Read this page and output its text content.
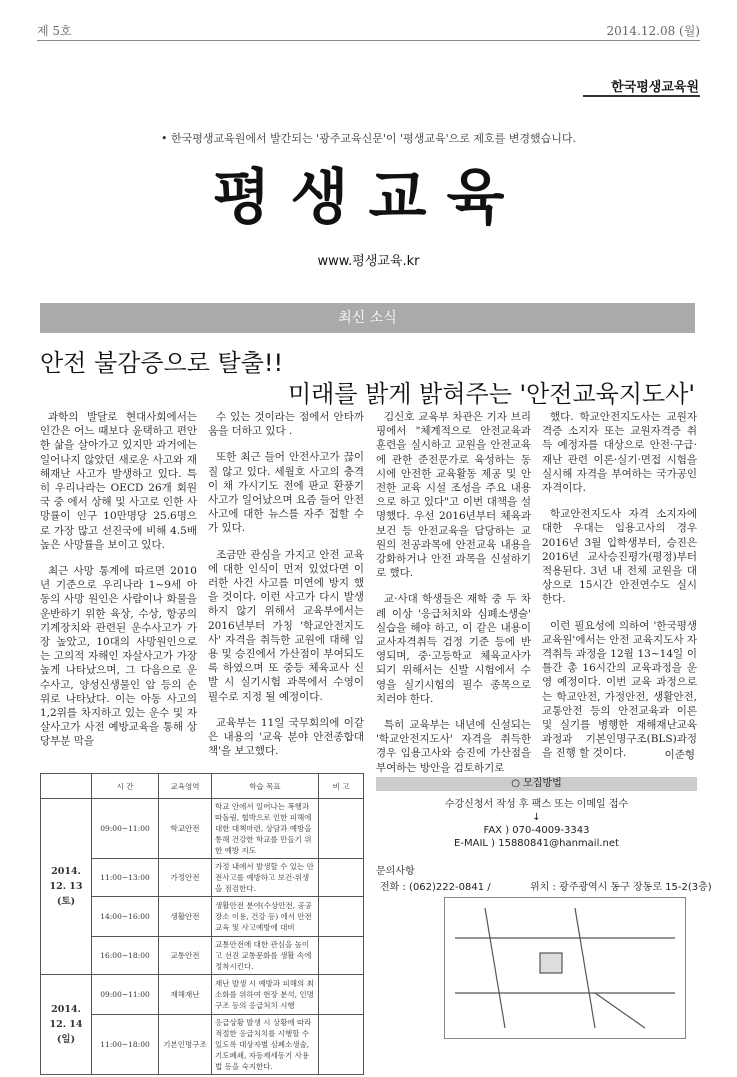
제 5호	2014.12.08 (월)
한국평생교육원
• 한국평생교육원에서 발간되는 '광주교육신문'이 '평생교육'으로 제호를 변경했습니다.
평생교육
www.평생교육.kr
최신 소식
안전 불감증으로 탈출!!
미래를 밝게 밝혀주는 '안전교육지도사'

과학의 발달로 현대사회에서는 인간은 어느 때보다 윤택하고 편안한 삶을 살아가고 있지만 과거에는 일어나지 않았던 새로운 사고와 재해재난 사고가 발생하고 있다. 특히 우리나라는 OECD 26개 회원국 중 에서 상해 및 사고로 인한 사망률이 인구 10만명당 25.6명으로 가장 많고 선진국에 비해 4.5배 높은 사망률을 보이고 있다.

최근 사망 통계에 따르면 2010년 기준으로 우리나라 1~9세 아동의 사망 원인은 사람이나 화물을 운반하기 위한 육상, 수상, 항공의 기계장치와 관련된 운수사고가 가장 높았고, 10대의 사망원인으로는 고의적 자해인 자살사고가 가장 높게 나타났으며, 그 다음으로 운수사고, 양성신생물인 암 등의 순위로 나타났다. 이는 아동 사고의 1,2위를 차지하고 있는 운수 및 자살사고가 사전 예방교육을 통해 상당부분 막을

수 있는 것이라는 점에서 안타까움을 더하고 있다 .

또한 최근 들어 안전사고가 끊이질 않고 있다. 세월호 사고의 충격이 채 가시기도 전에 판교 환풍기 사고가 일어났으며 요즘 들어 안전사고에 대한 뉴스를 자주 접할 수가 있다.

조금만 관심을 가지고 안전 교육에 대한 인식이 먼저 있었다면 이러한 사건 사고를 미연에 방지 했을 것이다. 이런 사고가 다시 발생하지 않기 위해서 교육부에서는 2016년부터 가칭 '학교안전지도사' 자격을 취득한 교원에 대해 임용 및 승진에서 가산점이 부여되도록 하였으며 또 중등 체육교사 신발 시 실기시험 과목에서 수영이 필수로 지정 될 예정이다.

교육부는 11일 국무회의에 이같은 내용의 '교육 분야 안전종합대책'을 보고했다.

김신호 교육부 차관은 기자 브리핑에서 "체계적으로 안전교육과 훈련을 실시하고 교원을 안전교육에 관한 준전문가로 육성하는 동시에 안전한 교육활동 제공 및 안전한 교육 시설 조성을 주요 내용으로 하고 있다"고 이번 대책을 설명했다. 우선 2016년부터 체육과 보건 등 안전교육을 담당하는 교원의 전공과목에 안전교육 내용을 강화하거나 안전 과목을 신설하기로 했다.

교·사대 학생들은 재학 중 두 차례 이상 '응급처치와 심폐소생술' 실습을 해야 하고, 이 같은 내용이 교사자격취득 검정 기준 등에 반영되며, 중·고등학교 체육교사가 되기 위해서는 신발 시험에서 수영을 실기시험의 필수 종목으로 치러야 한다.

특히 교육부는 내년에 신설되는 '학교안전지도사' 자격을 취득한 경우 임용고사와 승진에 가산점을 부여하는 방안을 검토하기로

했다. 학교안전지도사는 교원자격증 소지자 또는 교원자격증 취득 예정자를 대상으로 안전·구급·재난 관련 이론·실기·면접 시험을 실시해 자격을 부여하는 국가공인 자격이다.

학교안전지도사 자격 소지자에 대한 우대는 임용고사의 경우 2016년 3월 입학생부터, 승진은 2016년 교사승진평가(평정)부터 적용된다. 3년 내 전체 교원을 대상으로 15시간 안전연수도 실시한다.

이런 필요성에 의하여 '한국평생교육원'에서는 안전 교육지도사 자격취득 과정을 12월 13~14일 이틀간 총 16시간의 교육과정을 운영 예정이다. 이번 교육 과정으로는 학교안전, 가정안전, 생활안전, 교통안전 등의 안전교육과 이론 및 실기를 병행한 재해재난교육 과정과 기본인명구조(BLS)과정을 진행 할 것이다.	이준형
	시 간	교육영역	학습 목표	비 고
2014.
12. 13
(토)	09:00~11:00	학교안전	학교 안에서 일어나는 폭행과 따돌림, 협박으로 인한 피해에 대한 대책마련, 상담과 예방을 통해 건강한 학교를 만들기 위한 예방 지도	
	11:00~13:00	가정안전	가정 내에서 발생할 수 있는 안전사고를 예방하고 보건·위생을 점검한다.	
	14:00~16:00	생활안전	생활안전 분야(수상안전, 공공장소 이용, 건강 등) 에서 안전교육 및 사고예방에 대비	
	16:00~18:00	교통안전	교통안전에 대한 관심을 높이고 선진 교통문화를 생활 속에 정착시킨다.	
2014.
12. 14
(일)	09:00~11:00	재해재난	재난 발생 시 예방과 피해의 최소화를 위하여 현장 분석, 인명구조 등의 응급처치 시행	
	11:00~18:00	기본인명구조	응급상황 발생 시 상황에 따라 적절한 응급처치를 시행할 수 있도록 대상자별 심폐소생술, 기도폐쇄, 자동제세동기 사용법 등을 숙지한다.	
○ 모집방법
수강신청서 작성 후 팩스 또는 이메일 접수
↓
FAX ) 070-4009-3343
E-MAIL ) 15880841@hanmail.net
문의사항
전화 : (062)222-0841 /	위치 : 광주광역시 동구 장동로 15-2(3층)
